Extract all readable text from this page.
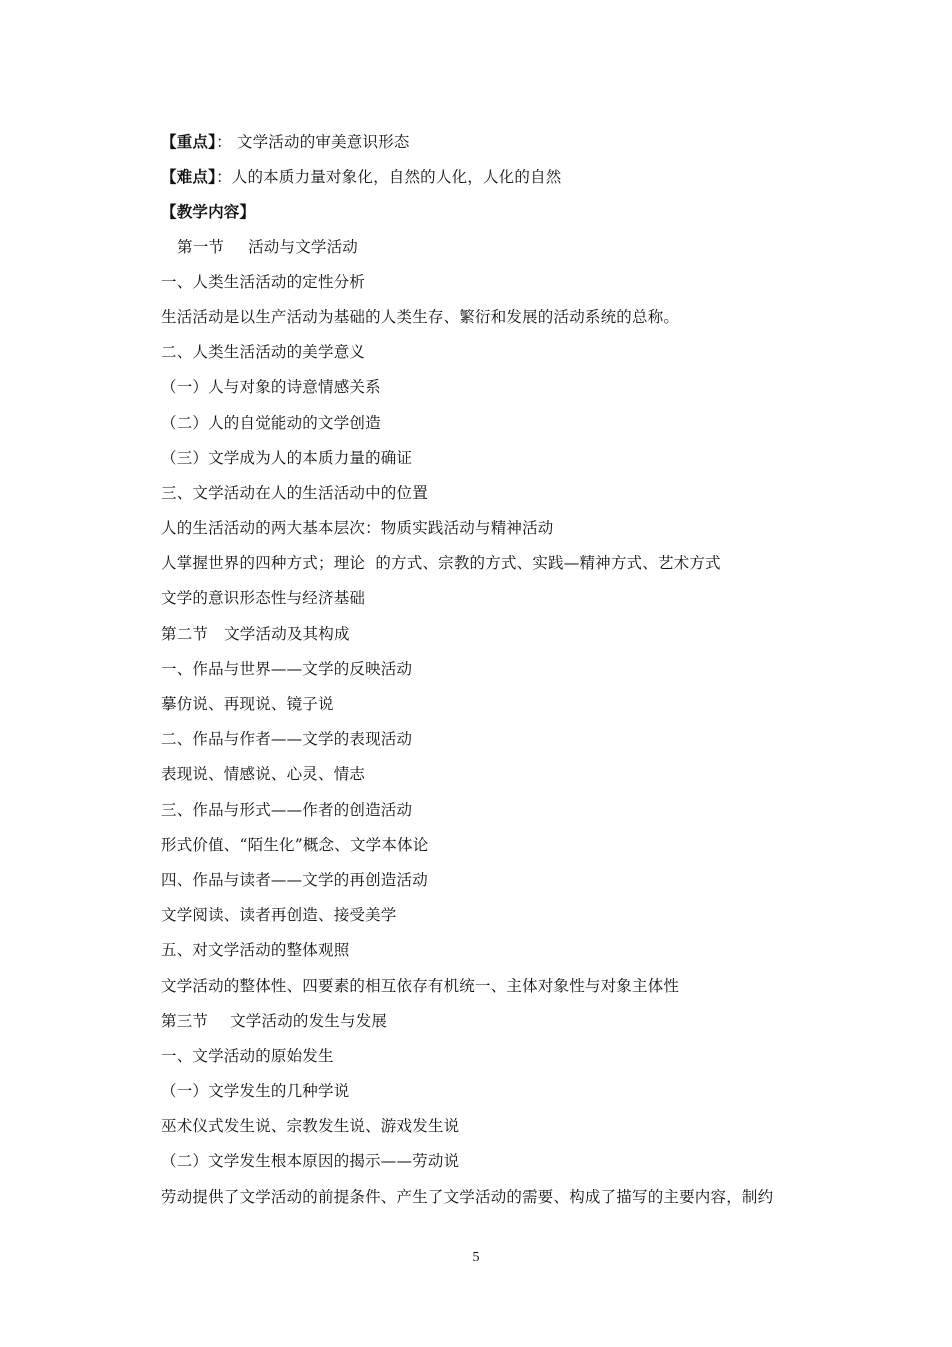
【重点】： 文学活动的审美意识形态
【难点】：人的本质力量对象化，自然的人化，人化的自然
【教学内容】
第一节 活动与文学活动
一、人类生活活动的定性分析
生活活动是以生产活动为基础的人类生存、繁衍和发展的活动系统的总称。
二、人类生活活动的美学意义
（一）人与对象的诗意情感关系
（二）人的自觉能动的文学创造
（三）文学成为人的本质力量的确证
三、文学活动在人的生活活动中的位置
人的生活活动的两大基本层次：物质实践活动与精神活动
人掌握世界的四种方式；理论  的方式、宗教的方式、实践—精神方式、艺术方式
文学的意识形态性与经济基础
第二节 文学活动及其构成
一、作品与世界——文学的反映活动
摹仿说、再现说、镜子说
二、作品与作者——文学的表现活动
表现说、情感说、心灵、情志
三、作品与形式——作者的创造活动
形式价值、“陌生化”概念、文学本体论
四、作品与读者——文学的再创造活动
文学阅读、读者再创造、接受美学
五、对文学活动的整体观照
文学活动的整体性、四要素的相互依存有机统一、主体对象性与对象主体性
第三节 文学活动的发生与发展
一、文学活动的原始发生
（一）文学发生的几种学说
巫术仪式发生说、宗教发生说、游戏发生说
（二）文学发生根本原因的揭示——劳动说
劳动提供了文学活动的前提条件、产生了文学活动的需要、构成了描写的主要内容，制约
5
